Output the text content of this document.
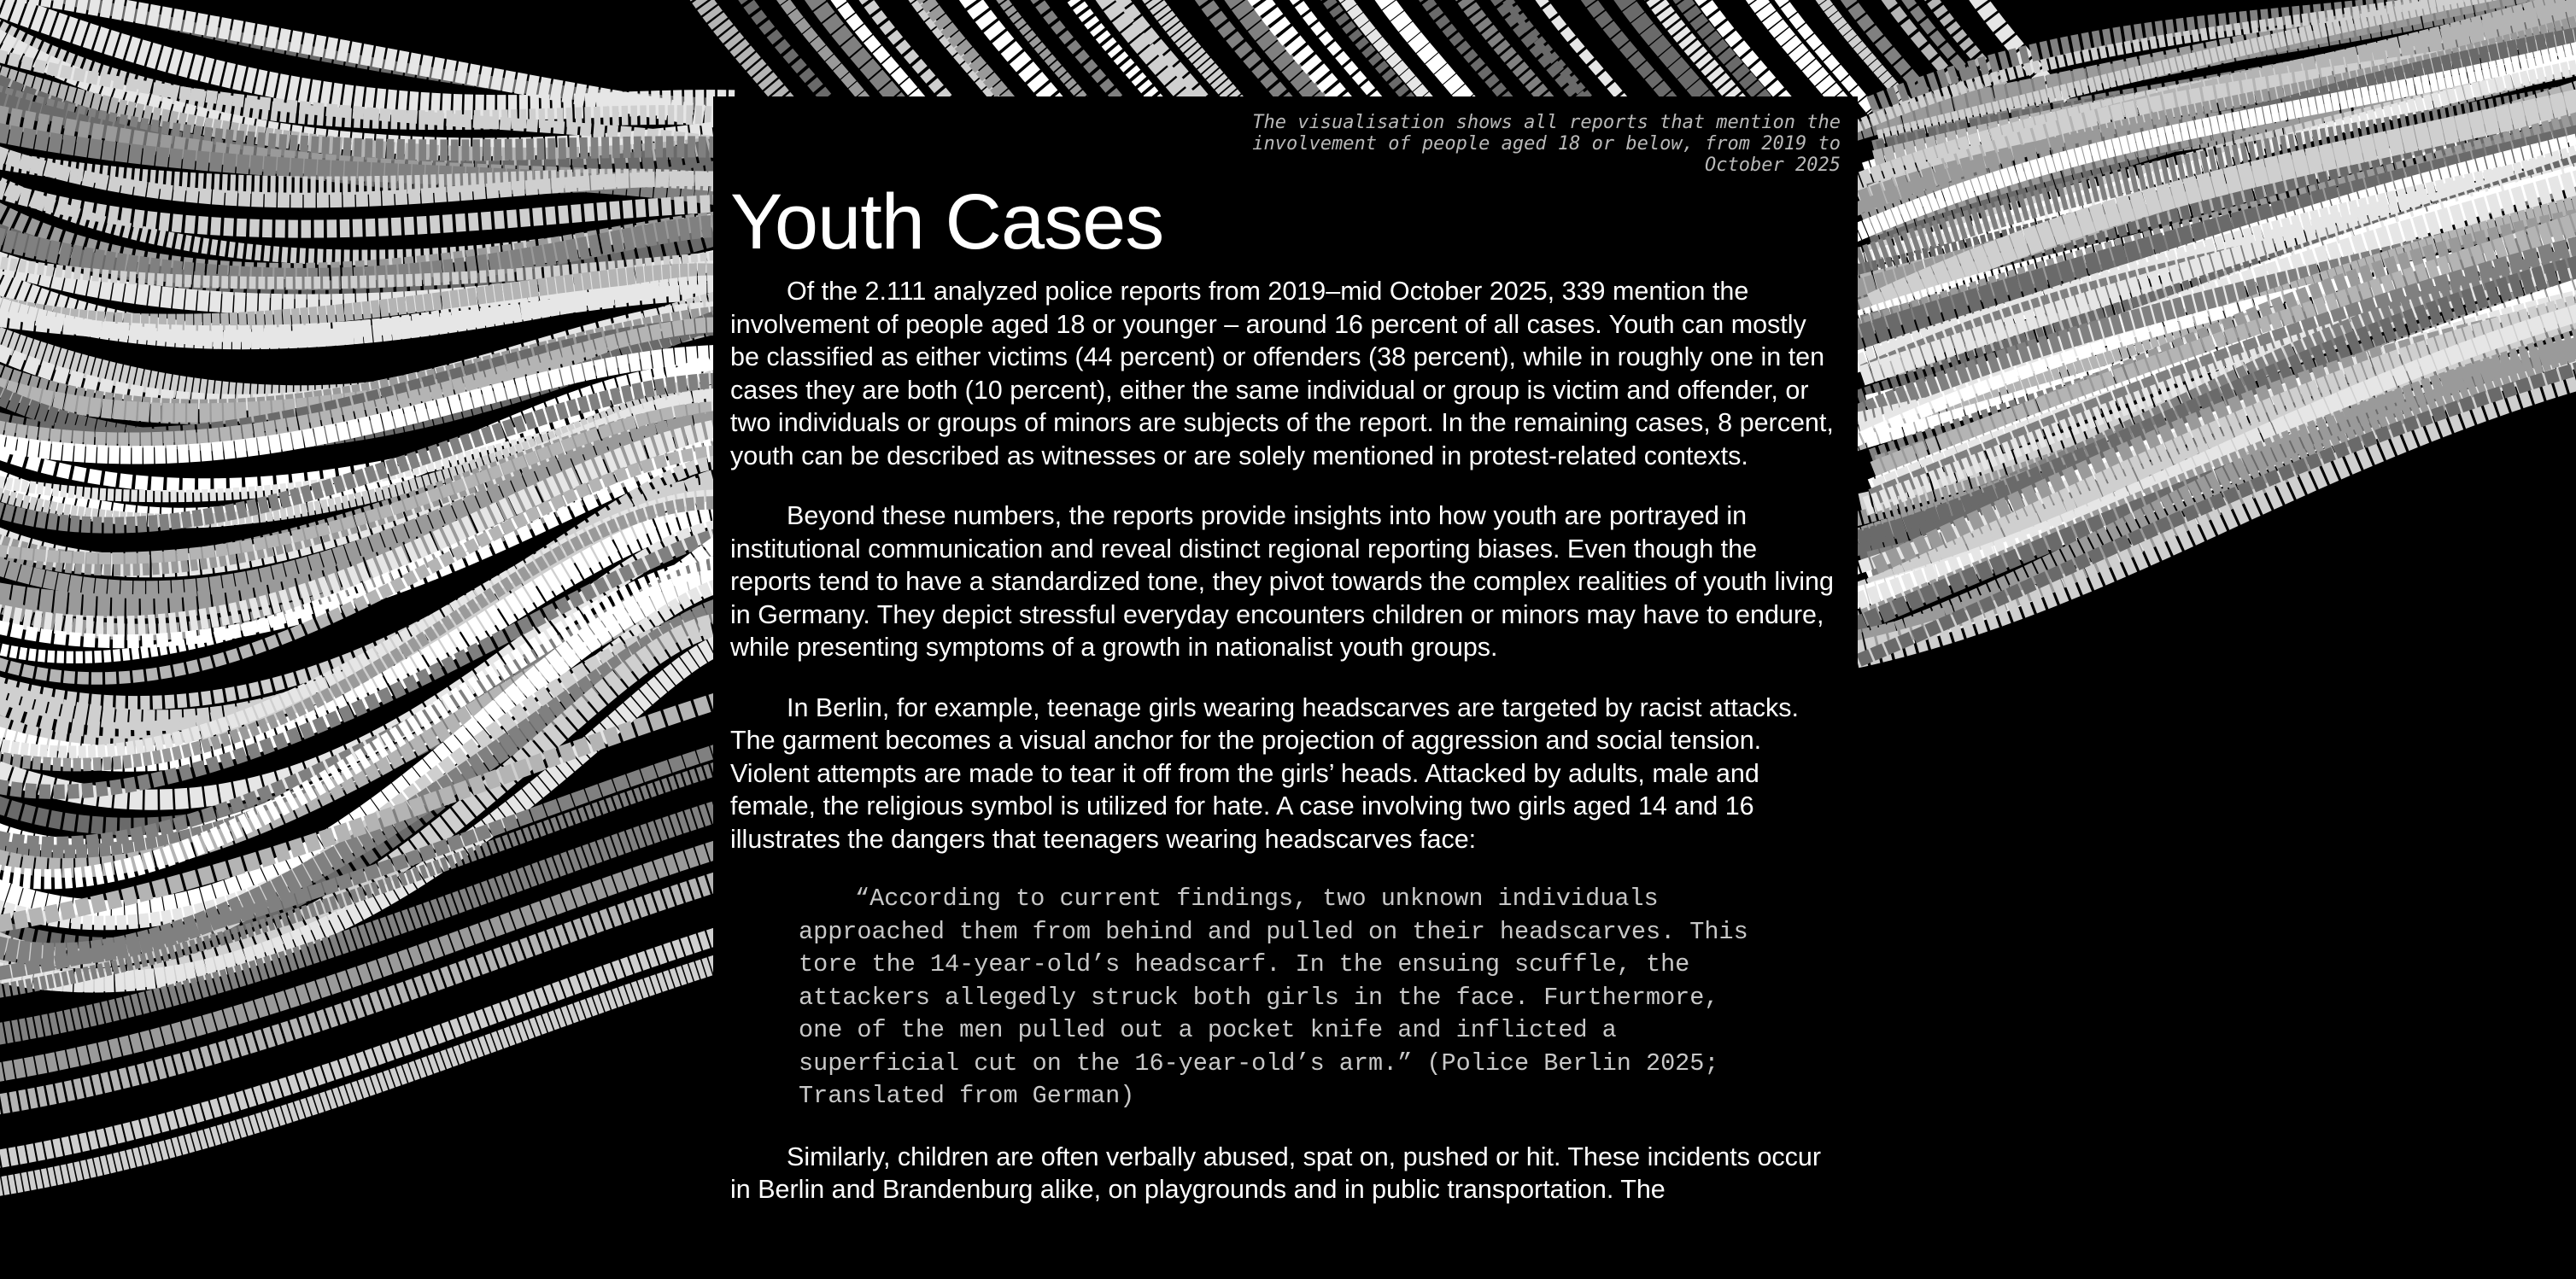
The visualisation shows all reports that mention the involvement of people aged 18 or below, from 2019 to October 2025
Youth Cases

Of the 2.111 analyzed police reports from 2019–mid October 2025, 339 mention the involvement of people aged 18 or younger – around 16 percent of all cases. Youth can mostly be classified as either victims (44 percent) or offenders (38 percent), while in roughly one in ten cases they are both (10 percent), either the same individual or group is victim and offender, or two individuals or groups of minors are subjects of the report. In the remaining cases, 8 percent, youth can be described as witnesses or are solely mentioned in protest-related contexts.

Beyond these numbers, the reports provide insights into how youth are portrayed in institutional communication and reveal distinct regional reporting biases. Even though the reports tend to have a standardized tone, they pivot towards the complex realities of youth living in Germany. They depict stressful everyday encounters children or minors may have to endure, while presenting symptoms of a growth in nationalist youth groups.

In Berlin, for example, teenage girls wearing headscarves are targeted by racist attacks. The garment becomes a visual anchor for the projection of aggression and social tension. Violent attempts are made to tear it off from the girls’ heads. Attacked by adults, male and female, the religious symbol is utilized for hate. A case involving two girls aged 14 and 16 illustrates the dangers that teenagers wearing headscarves face:

“According to current findings, two unknown individuals approached them from behind and pulled on their headscarves. This tore the 14-year-old’s headscarf. In the ensuing scuffle, the attackers allegedly struck both girls in the face. Furthermore, one of the men pulled out a pocket knife and inflicted a superficial cut on the 16-year-old’s arm.” (Police Berlin 2025; Translated from German)

Similarly, children are often verbally abused, spat on, pushed or hit. These incidents occur in Berlin and Brandenburg alike, on playgrounds and in public transportation. The
